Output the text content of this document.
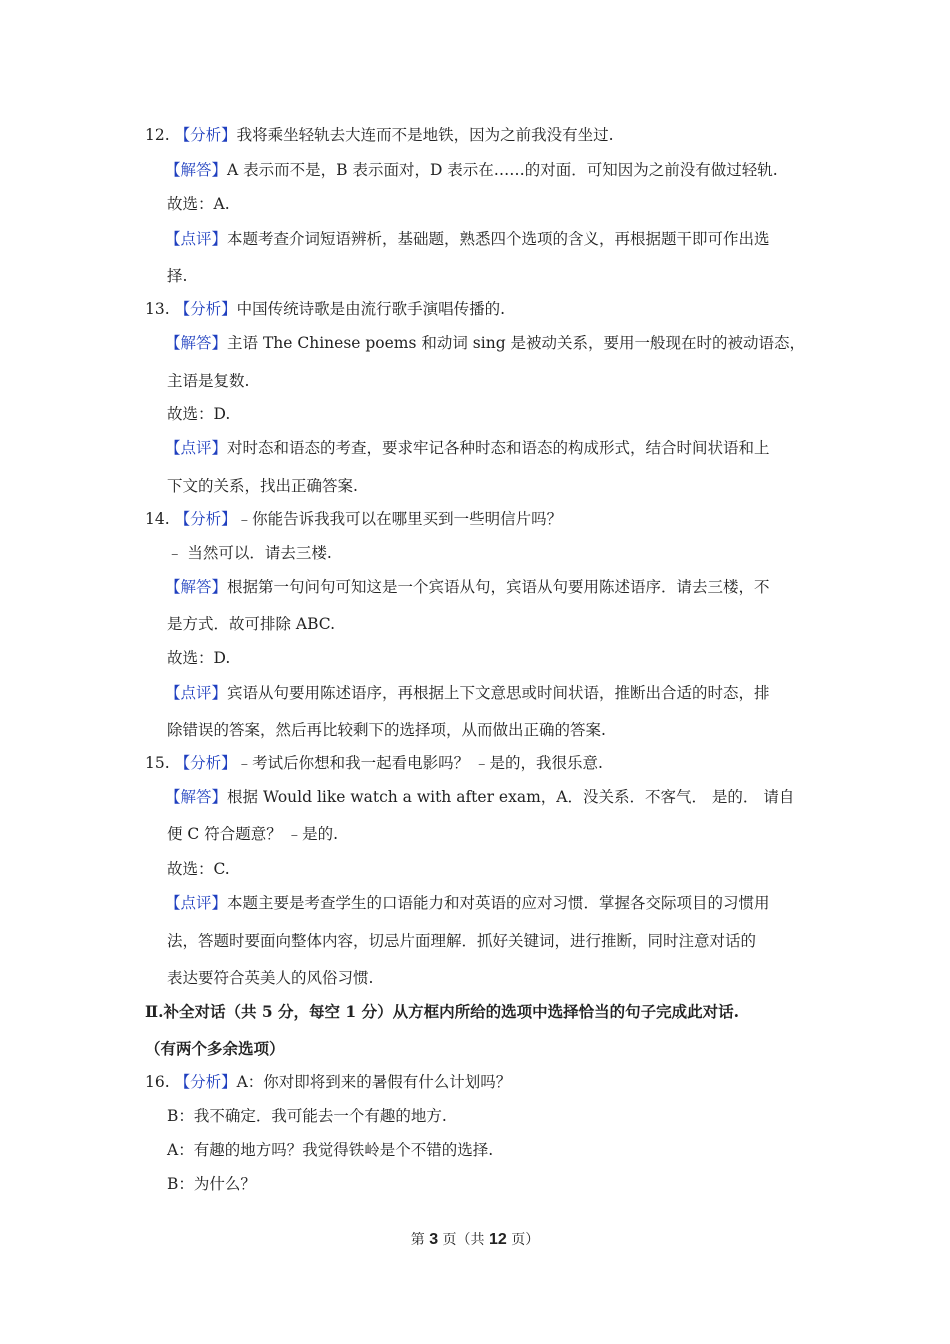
12. 【分析】我将乘坐轻轨去大连而不是地铁，因为之前我没有坐过.
【解答】A 表示而不是，B 表示面对，D 表示在……的对面．可知因为之前没有做过轻轨.
故选：A.
【点评】本题考查介词短语辨析，基础题，熟悉四个选项的含义，再根据题干即可作出选
择.
13. 【分析】中国传统诗歌是由流行歌手演唱传播的.
【解答】主语 The Chinese poems 和动词 sing 是被动关系，要用一般现在时的被动语态，
主语是复数.
故选：D.
【点评】对时态和语态的考查，要求牢记各种时态和语态的构成形式，结合时间状语和上
下文的关系，找出正确答案.
14. 【分析】﹣你能告诉我我可以在哪里买到一些明信片吗？
﹣ 当然可以．请去三楼.
【解答】根据第一句问句可知这是一个宾语从句，宾语从句要用陈述语序．请去三楼，不
是方式．故可排除 ABC.
故选：D.
【点评】宾语从句要用陈述语序，再根据上下文意思或时间状语，推断出合适的时态，排
除错误的答案，然后再比较剩下的选择项，从而做出正确的答案.
15. 【分析】﹣考试后你想和我一起看电影吗？ ﹣是的，我很乐意.
【解答】根据 Would like watch a with after exam，A．没关系．不客气． 是的． 请自
便 C 符合题意？ ﹣是的.
故选：C.
【点评】本题主要是考查学生的口语能力和对英语的应对习惯．掌握各交际项目的习惯用
法，答题时要面向整体内容，切忌片面理解．抓好关键词，进行推断，同时注意对话的
表达要符合英美人的风俗习惯.
Ⅱ.补全对话（共 5 分，每空 1 分）从方框内所给的选项中选择恰当的句子完成此对话.
（有两个多余选项）
16. 【分析】A：你对即将到来的暑假有什么计划吗？
B：我不确定．我可能去一个有趣的地方.
A：有趣的地方吗？我觉得铁岭是个不错的选择.
B：为什么？
第 3 页（共 12 页）
